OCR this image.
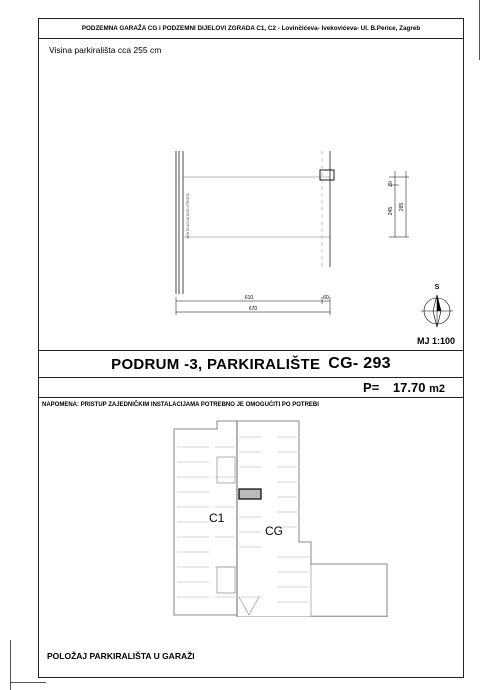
PODZEMNA GARAŽA CG i PODZEMNI DIJELOVI ZGRADA C1, C2 - Lovinčićeva- Ivekovićeva- Ul. B.Perice, Zagreb
Visina parkirališta cca 255 cm
VENTILACIJA KOD STROPA
20
245 265
610	60
670
S
MJ 1:100
PODRUM -3, PARKIRALIŠTE CG- 293
P= 17.70 m2
NAPOMENA: PRISTUP ZAJEDNIČKIM INSTALACIJAMA POTREBNO JE OMOGUĆITI PO POTREBI
C1
CG
POLOŽAJ PARKIRALIŠTA U GARAŽI
